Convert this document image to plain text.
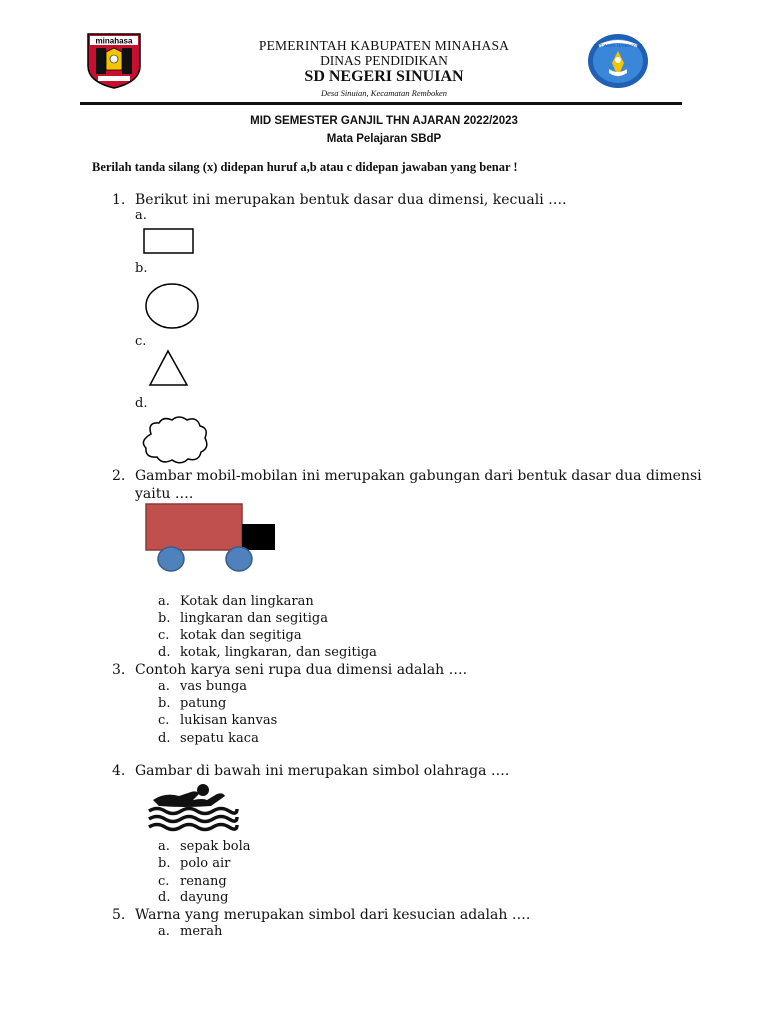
minahasa	TUT WURI HANDAYANI
PEMERINTAH KABUPATEN MINAHASA
DINAS PENDIDIKAN
SD NEGERI SINUIAN
Desa Sinuian, Kecamatan Remboken
MID SEMESTER GANJIL THN AJARAN 2022/2023
Mata Pelajaran SBdP
Berilah tanda silang (x) didepan huruf a,b atau c didepan jawaban yang benar !
1. Berikut ini merupakan bentuk dasar dua dimensi, kecuali ….
a.
b.
c.
d.
2. Gambar mobil-mobilan ini merupakan gabungan dari bentuk dasar dua dimensi
yaitu ….
a. Kotak dan lingkaran
b. lingkaran dan segitiga
c. kotak dan segitiga
d. kotak, lingkaran, dan segitiga
3. Contoh karya seni rupa dua dimensi adalah ….
a. vas bunga
b. patung
c. lukisan kanvas
d. sepatu kaca
4. Gambar di bawah ini merupakan simbol olahraga ….
a. sepak bola
b. polo air
c. renang
d. dayung
5. Warna yang merupakan simbol dari kesucian adalah ….
a. merah
